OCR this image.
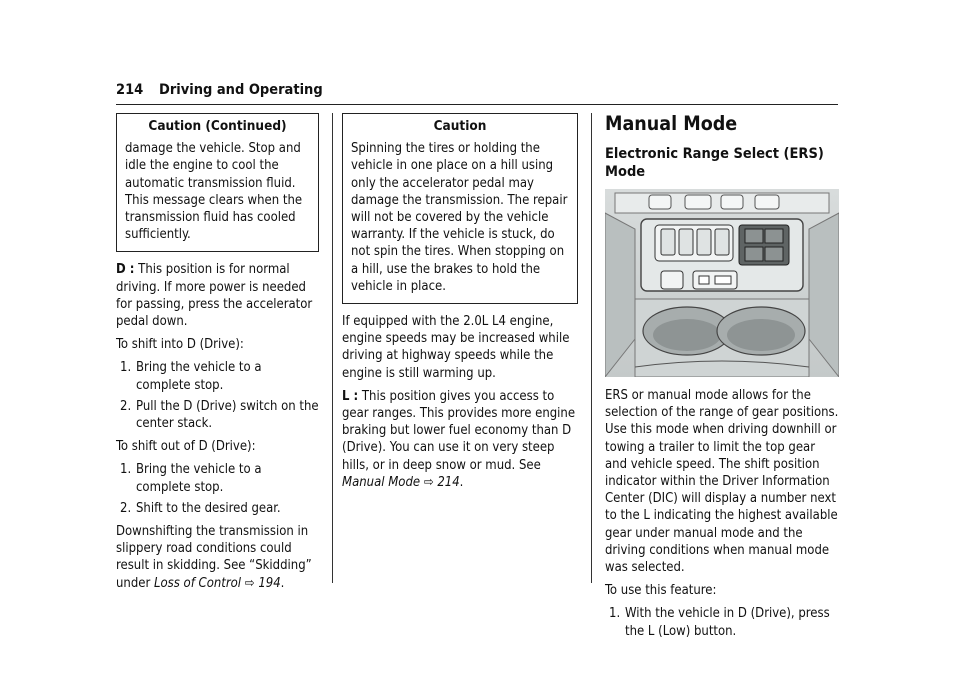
214 Driving and Operating
Caution (Continued)
damage the vehicle. Stop and idle the engine to cool the automatic transmission fluid. This message clears when the transmission fluid has cooled sufficiently.

D : This position is for normal driving. If more power is needed for passing, press the accelerator pedal down.

To shift into D (Drive):

1. Bring the vehicle to a complete stop.
2. Pull the D (Drive) switch on the center stack.

To shift out of D (Drive):

1. Bring the vehicle to a complete stop.
2. Shift to the desired gear.

Downshifting the transmission in slippery road conditions could result in skidding. See “Skidding” under Loss of Control ⇨ 194.

Caution
Spinning the tires or holding the vehicle in one place on a hill using only the accelerator pedal may damage the transmission. The repair will not be covered by the vehicle warranty. If the vehicle is stuck, do not spin the tires. When stopping on a hill, use the brakes to hold the vehicle in place.

If equipped with the 2.0L L4 engine, engine speeds may be increased while driving at highway speeds while the engine is still warming up.

L : This position gives you access to gear ranges. This provides more engine braking but lower fuel economy than D (Drive). You can use it on very steep hills, or in deep snow or mud. See Manual Mode ⇨ 214.

Manual Mode
Electronic Range Select (ERS) Mode

ERS or manual mode allows for the selection of the range of gear positions. Use this mode when driving downhill or towing a trailer to limit the top gear and vehicle speed. The shift position indicator within the Driver Information Center (DIC) will display a number next to the L indicating the highest available gear under manual mode and the driving conditions when manual mode was selected.

To use this feature:

1. With the vehicle in D (Drive), press the L (Low) button.
